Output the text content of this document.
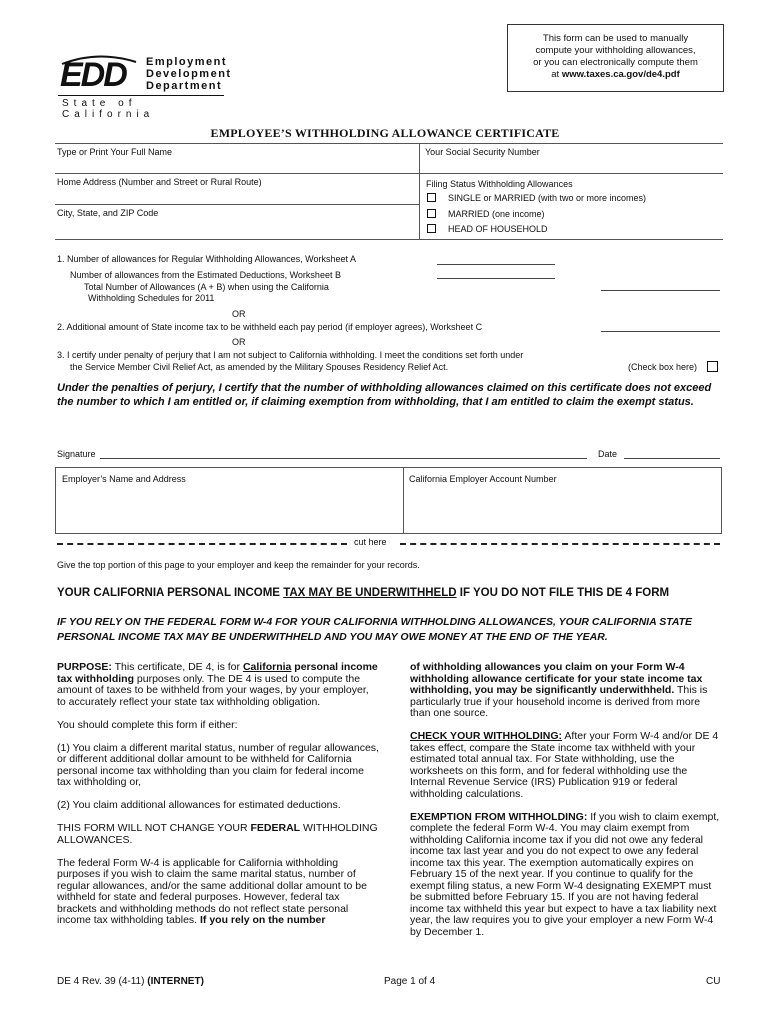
EDD Employment
Development
Department
State of California
This form can be used to manually
compute your withholding allowances,
or you can electronically compute them
at www.taxes.ca.gov/de4.pdf
EMPLOYEE’S WITHHOLDING ALLOWANCE CERTIFICATE
Type or Print Your Full Name	Your Social Security Number
Home Address (Number and Street or Rural Route)
City, State, and ZIP Code
Filing Status Withholding Allowances
SINGLE or MARRIED (with two or more incomes)
MARRIED (one income)
HEAD OF HOUSEHOLD
1. Number of allowances for Regular Withholding Allowances, Worksheet A
Number of allowances from the Estimated Deductions, Worksheet B
Total Number of Allowances (A + B) when using the California
Withholding Schedules for 2011
OR
2. Additional amount of State income tax to be withheld each pay period (if employer agrees), Worksheet C
OR
3. I certify under penalty of perjury that I am not subject to California withholding. I meet the conditions set forth under
the Service Member Civil Relief Act, as amended by the Military Spouses Residency Relief Act.	(Check box here)
Under the penalties of perjury, I certify that the number of withholding allowances claimed on this certificate does not exceed the number to which I am entitled or, if claiming exemption from withholding, that I am entitled to claim the exempt status.
Signature	Date
Employer’s Name and Address	California Employer Account Number
cut here
Give the top portion of this page to your employer and keep the remainder for your records.
YOUR CALIFORNIA PERSONAL INCOME TAX MAY BE UNDERWITHHELD IF YOU DO NOT FILE THIS DE 4 FORM
IF YOU RELY ON THE FEDERAL FORM W-4 FOR YOUR CALIFORNIA WITHHOLDING ALLOWANCES, YOUR CALIFORNIA STATE PERSONAL INCOME TAX MAY BE UNDERWITHHELD AND YOU MAY OWE MONEY AT THE END OF THE YEAR.

PURPOSE: This certificate, DE 4, is for California personal income tax withholding purposes only. The DE 4 is used to compute the amount of taxes to be withheld from your wages, by your employer, to accurately reflect your state tax withholding obligation.

You should complete this form if either:

(1) You claim a different marital status, number of regular allowances, or different additional dollar amount to be withheld for California personal income tax withholding than you claim for federal income tax withholding or,

(2) You claim additional allowances for estimated deductions.

THIS FORM WILL NOT CHANGE YOUR FEDERAL WITHHOLDING ALLOWANCES.

The federal Form W-4 is applicable for California withholding purposes if you wish to claim the same marital status, number of regular allowances, and/or the same additional dollar amount to be withheld for state and federal purposes. However, federal tax brackets and withholding methods do not reflect state personal income tax withholding tables. If you rely on the number

of withholding allowances you claim on your Form W-4 withholding allowance certificate for your state income tax withholding, you may be significantly underwithheld. This is particularly true if your household income is derived from more than one source.

CHECK YOUR WITHHOLDING: After your Form W-4 and/or DE 4 takes effect, compare the State income tax withheld with your estimated total annual tax. For State withholding, use the worksheets on this form, and for federal withholding use the Internal Revenue Service (IRS) Publication 919 or federal withholding calculations.

EXEMPTION FROM WITHHOLDING: If you wish to claim exempt, complete the federal Form W-4. You may claim exempt from withholding California income tax if you did not owe any federal income tax last year and you do not expect to owe any federal income tax this year. The exemption automatically expires on February 15 of the next year. If you continue to qualify for the exempt filing status, a new Form W-4 designating EXEMPT must be submitted before February 15. If you are not having federal income tax withheld this year but expect to have a tax liability next year, the law requires you to give your employer a new Form W-4 by December 1.

DE 4 Rev. 39 (4-11) (INTERNET)	Page 1 of 4	CU
